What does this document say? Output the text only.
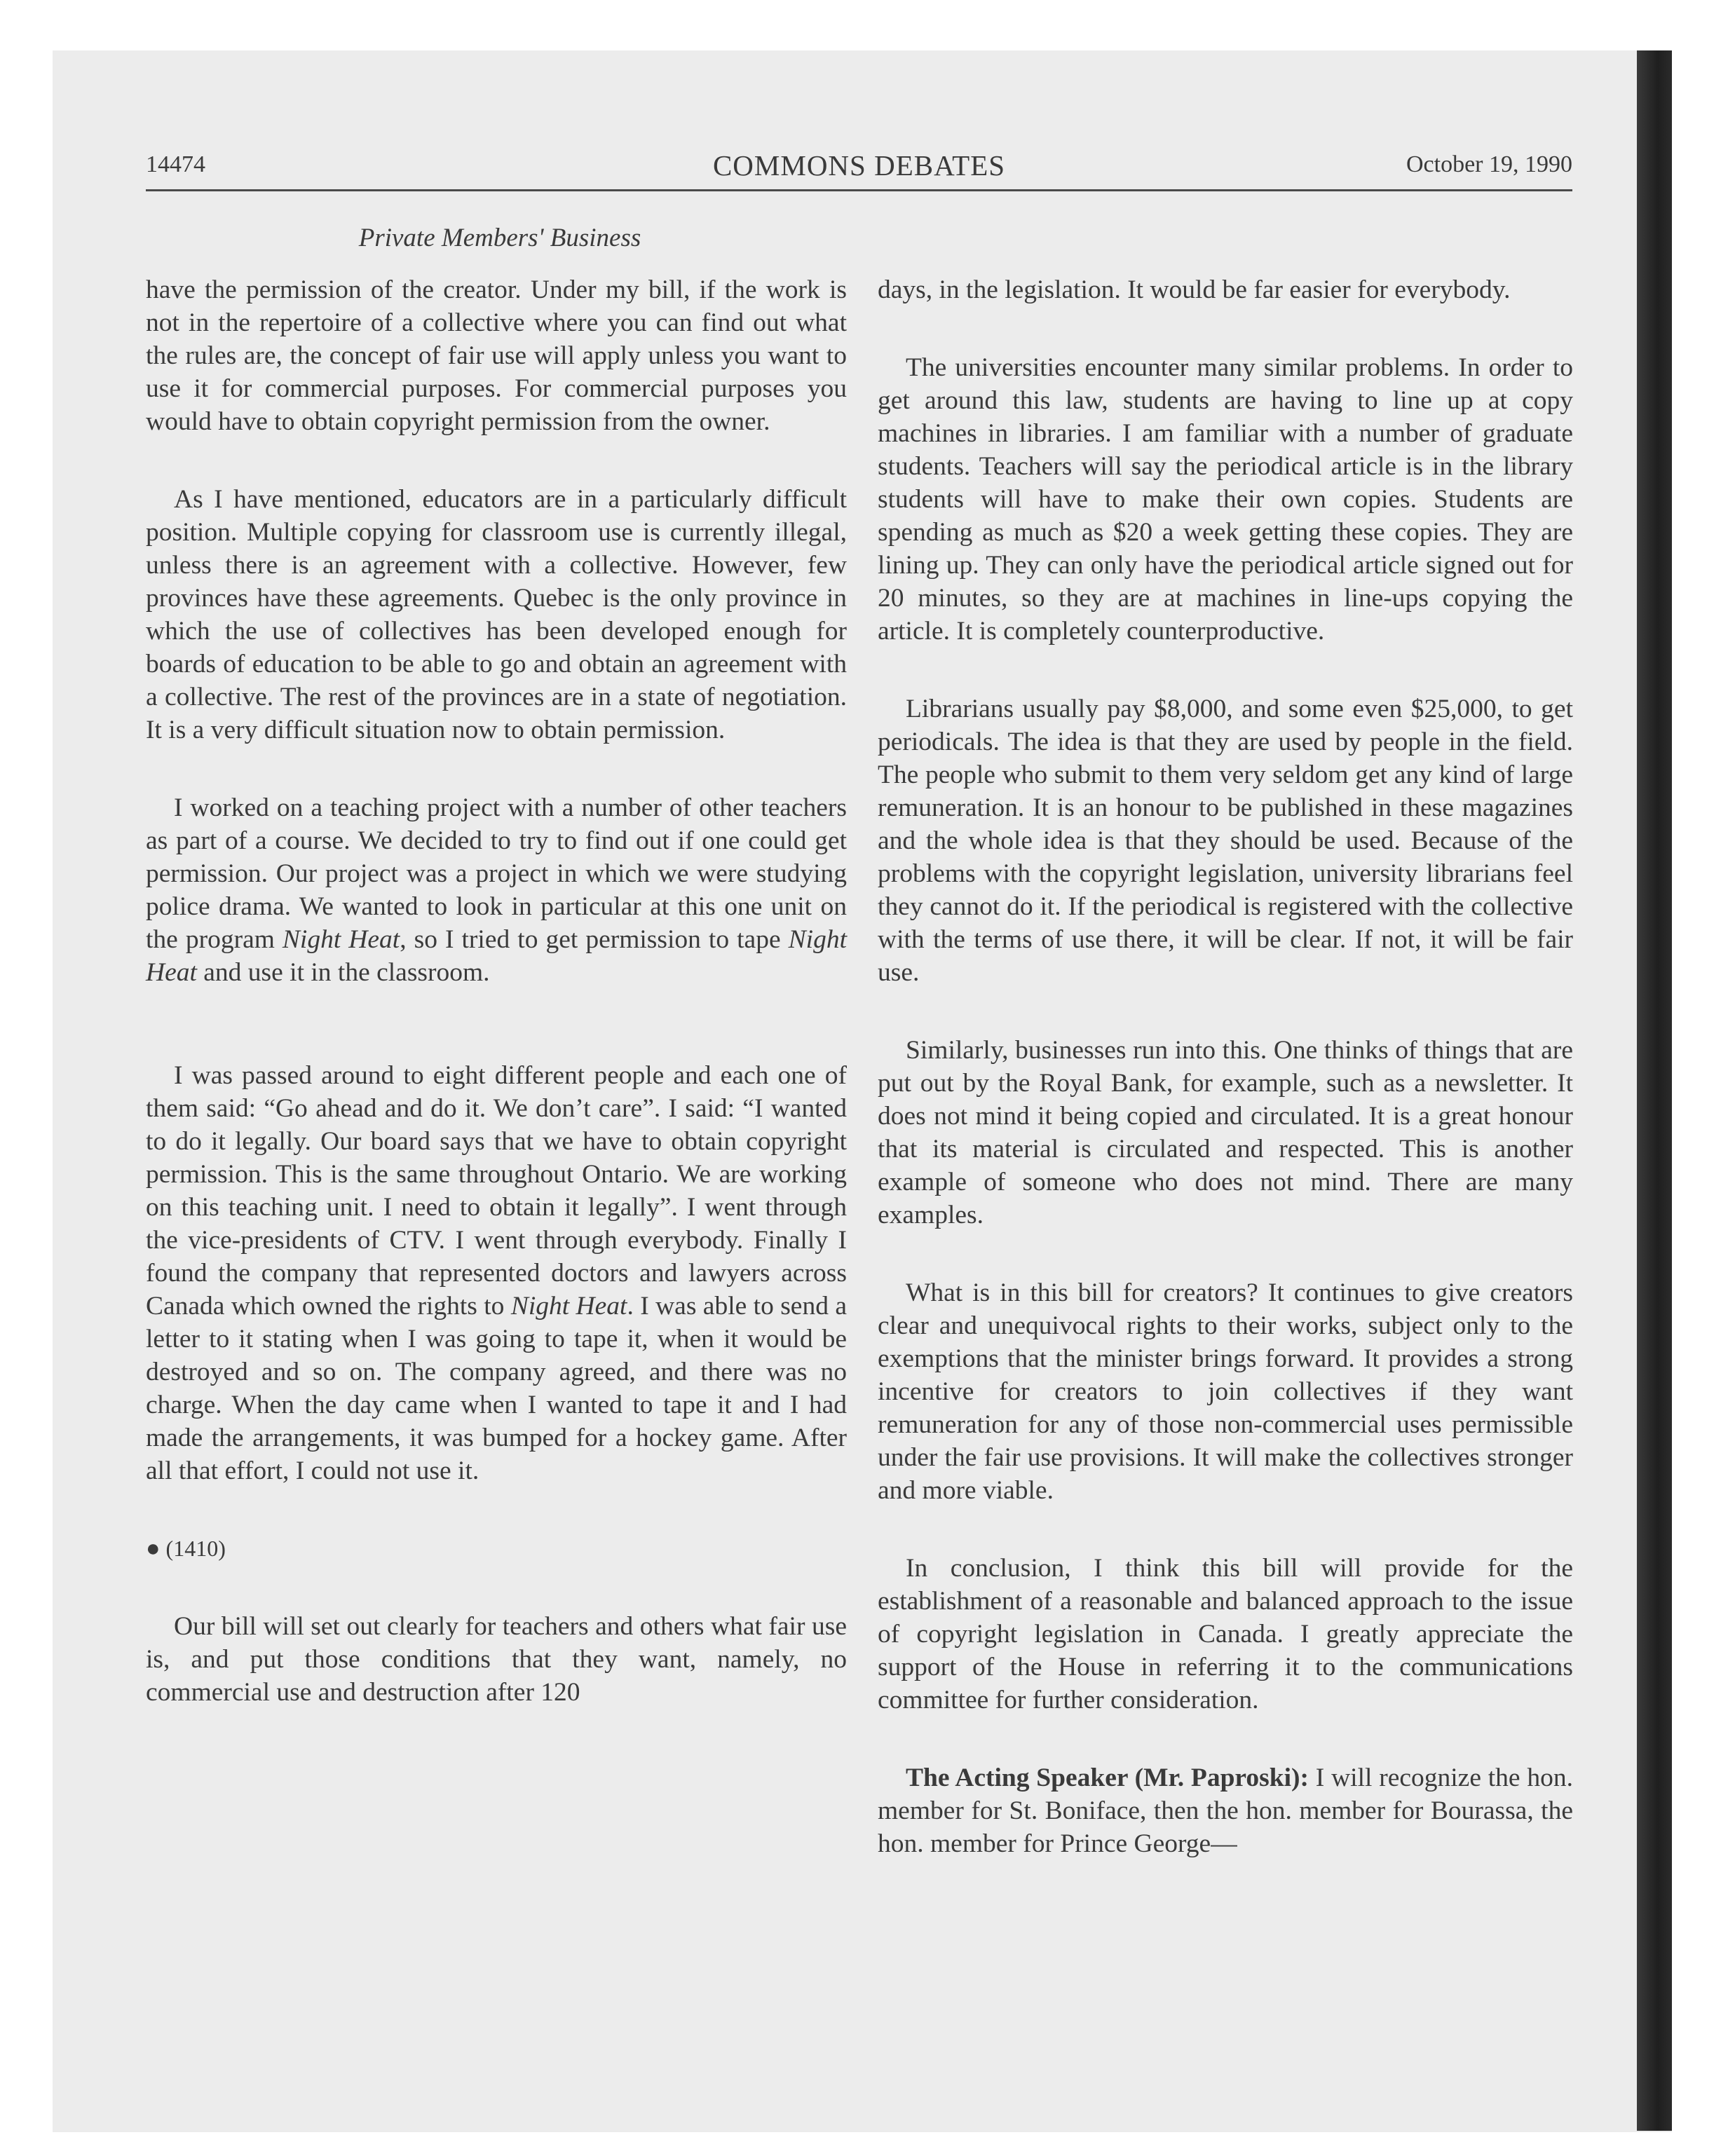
14474	COMMONS DEBATES	October 19, 1990
Private Members' Business

have the permission of the creator. Under my bill, if the work is not in the repertoire of a collective where you can find out what the rules are, the concept of fair use will apply unless you want to use it for commercial purposes. For commercial purposes you would have to obtain copyright permission from the owner.

As I have mentioned, educators are in a particularly difficult position. Multiple copying for classroom use is currently illegal, unless there is an agreement with a collective. However, few provinces have these agreements. Quebec is the only province in which the use of collectives has been developed enough for boards of education to be able to go and obtain an agreement with a collective. The rest of the provinces are in a state of negotiation. It is a very difficult situation now to obtain permission.

I worked on a teaching project with a number of other teachers as part of a course. We decided to try to find out if one could get permission. Our project was a project in which we were studying police drama. We wanted to look in particular at this one unit on the program Night Heat, so I tried to get permission to tape Night Heat and use it in the classroom.

I was passed around to eight different people and each one of them said: “Go ahead and do it. We don’t care”. I said: “I wanted to do it legally. Our board says that we have to obtain copyright permission. This is the same throughout Ontario. We are working on this teaching unit. I need to obtain it legally”. I went through the vice-presidents of CTV. I went through everybody. Finally I found the company that represented doctors and lawyers across Canada which owned the rights to Night Heat. I was able to send a letter to it stating when I was going to tape it, when it would be destroyed and so on. The company agreed, and there was no charge. When the day came when I wanted to tape it and I had made the arrangements, it was bumped for a hockey game. After all that effort, I could not use it.

● (1410)

Our bill will set out clearly for teachers and others what fair use is, and put those conditions that they want, namely, no commercial use and destruction after 120

days, in the legislation. It would be far easier for everybody.

The universities encounter many similar problems. In order to get around this law, students are having to line up at copy machines in libraries. I am familiar with a number of graduate students. Teachers will say the periodical article is in the library students will have to make their own copies. Students are spending as much as $20 a week getting these copies. They are lining up. They can only have the periodical article signed out for 20 minutes, so they are at machines in line-ups copying the article. It is completely counterproductive.

Librarians usually pay $8,000, and some even $25,000, to get periodicals. The idea is that they are used by people in the field. The people who submit to them very seldom get any kind of large remuneration. It is an honour to be published in these magazines and the whole idea is that they should be used. Because of the problems with the copyright legislation, university librarians feel they cannot do it. If the periodical is registered with the collective with the terms of use there, it will be clear. If not, it will be fair use.

Similarly, businesses run into this. One thinks of things that are put out by the Royal Bank, for example, such as a newsletter. It does not mind it being copied and circulated. It is a great honour that its material is circulated and respected. This is another example of someone who does not mind. There are many examples.

What is in this bill for creators? It continues to give creators clear and unequivocal rights to their works, subject only to the exemptions that the minister brings forward. It provides a strong incentive for creators to join collectives if they want remuneration for any of those non-commercial uses permissible under the fair use provisions. It will make the collectives stronger and more viable.

In conclusion, I think this bill will provide for the establishment of a reasonable and balanced approach to the issue of copyright legislation in Canada. I greatly appreciate the support of the House in referring it to the communications committee for further consideration.

The Acting Speaker (Mr. Paproski): I will recognize the hon. member for St. Boniface, then the hon. member for Bourassa, the hon. member for Prince George—
